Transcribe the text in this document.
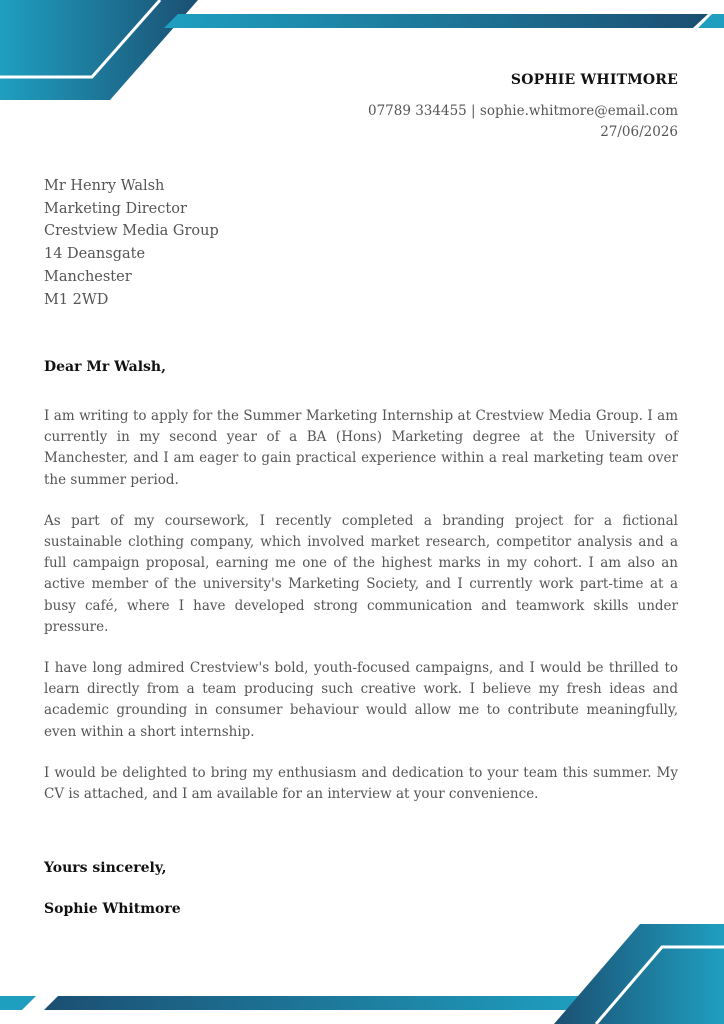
SOPHIE WHITMORE
07789 334455 | sophie.whitmore@email.com
27/06/2026
Mr Henry Walsh
Marketing Director
Crestview Media Group
14 Deansgate
Manchester
M1 2WD
Dear Mr Walsh,

I am writing to apply for the Summer Marketing Internship at Crestview Media Group. I am currently in my second year of a BA (Hons) Marketing degree at the University of Manchester, and I am eager to gain practical experience within a real marketing team over the summer period.

As part of my coursework, I recently completed a branding project for a fictional sustainable clothing company, which involved market research, competitor analysis and a full campaign proposal, earning me one of the highest marks in my cohort. I am also an active member of the university's Marketing Society, and I currently work part-time at a busy café, where I have developed strong communication and teamwork skills under pressure.

I have long admired Crestview's bold, youth-focused campaigns, and I would be thrilled to learn directly from a team producing such creative work. I believe my fresh ideas and academic grounding in consumer behaviour would allow me to contribute meaningfully, even within a short internship.

I would be delighted to bring my enthusiasm and dedication to your team this summer. My CV is attached, and I am available for an interview at your convenience.

Yours sincerely,
Sophie Whitmore
